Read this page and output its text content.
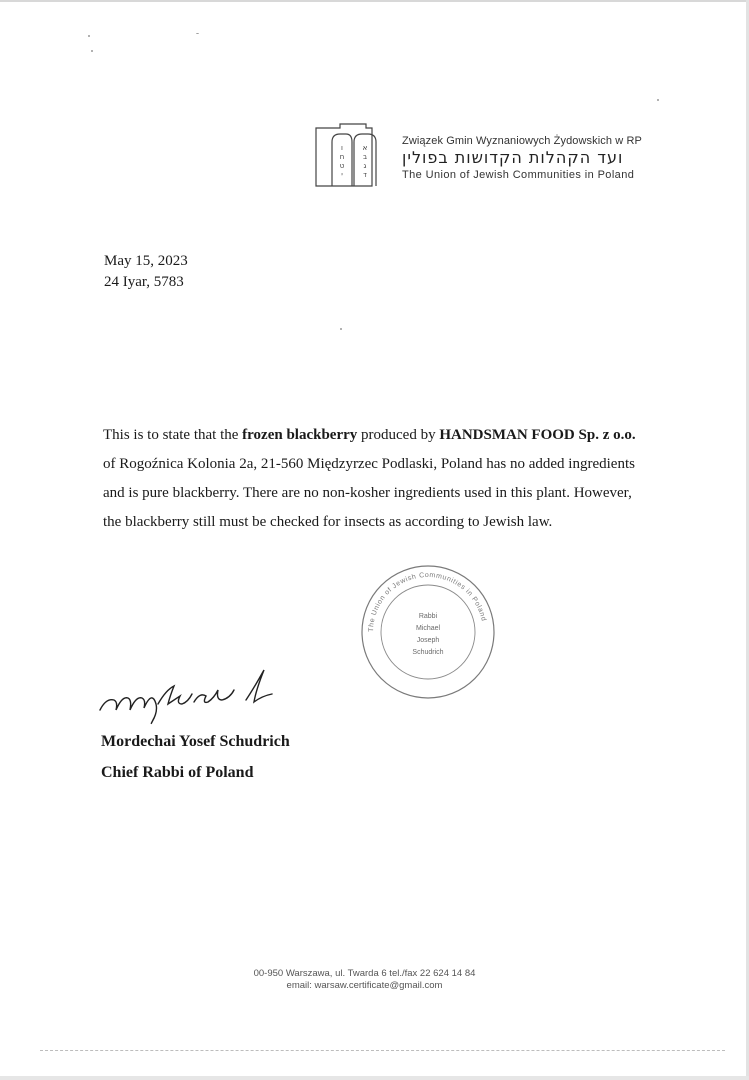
ו
ח
ט
י
א
ב
ג
ד
Związek Gmin Wyznaniowych Żydowskich w RP
ועד הקהלות הקדושות בפולין
The Union of Jewish Communities in Poland
May 15, 2023
24 Iyar, 5783
This is to state that the frozen blackberry produced by HANDSMAN FOOD Sp. z o.o. of Rogoźnica Kolonia 2a, 21-560 Międzyrzec Podlaski, Poland has no added ingredients and is pure blackberry. There are no non-kosher ingredients used in this plant. However, the blackberry still must be checked for insects as according to Jewish law.
The Union of Jewish Communities in Poland
Rabbi
Michael
Joseph
Schudrich
Mordechai Yosef Schudrich
Chief Rabbi of Poland
00-950 Warszawa, ul. Twarda 6 tel./fax 22 624 14 84
email: warsaw.certificate@gmail.com
